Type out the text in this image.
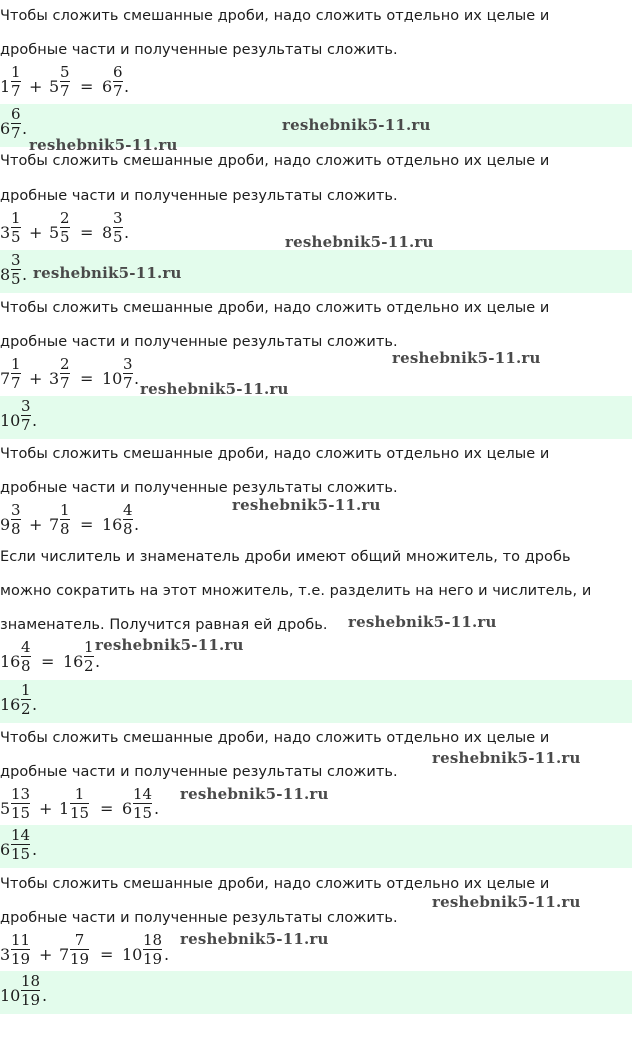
Чтобы сложить смешанные дроби, надо сложить отдельно их целые и
дробные части и полученные результаты сложить.
1
1
7 + 5
5
7 = 6
6
7 .
6
6
7 .
Чтобы сложить смешанные дроби, надо сложить отдельно их целые и
дробные части и полученные результаты сложить.
3
1
5 + 5
2
5 = 8
3
5 .
8
3
5 .
Чтобы сложить смешанные дроби, надо сложить отдельно их целые и
дробные части и полученные результаты сложить.
7
1
7 + 3
2
7 = 10
3
7 .
10
3
7 .
Чтобы сложить смешанные дроби, надо сложить отдельно их целые и
дробные части и полученные результаты сложить.
9
3
8 + 7
1
8 = 16
4
8 .
Если числитель и знаменатель дроби имеют общий множитель, то дробь
можно сократить на этот множитель, т.е. разделить на него и числитель, и
знаменатель. Получится равная ей дробь.
16
4
8 = 16
1
2 .
16
1
2 .
Чтобы сложить смешанные дроби, надо сложить отдельно их целые и
дробные части и полученные результаты сложить.
5
13
15 + 1
1
15 = 6
14
15 .
6
14
15 .
Чтобы сложить смешанные дроби, надо сложить отдельно их целые и
дробные части и полученные результаты сложить.
3
11
19 + 7
7
19 = 10
18
19 .
10
18
19 .
reshebnik5-11.ru
reshebnik5-11.ru
reshebnik5-11.ru
reshebnik5-11.ru
reshebnik5-11.ru
reshebnik5-11.ru
reshebnik5-11.ru
reshebnik5-11.ru
reshebnik5-11.ru
reshebnik5-11.ru
reshebnik5-11.ru
reshebnik5-11.ru
reshebnik5-11.ru
